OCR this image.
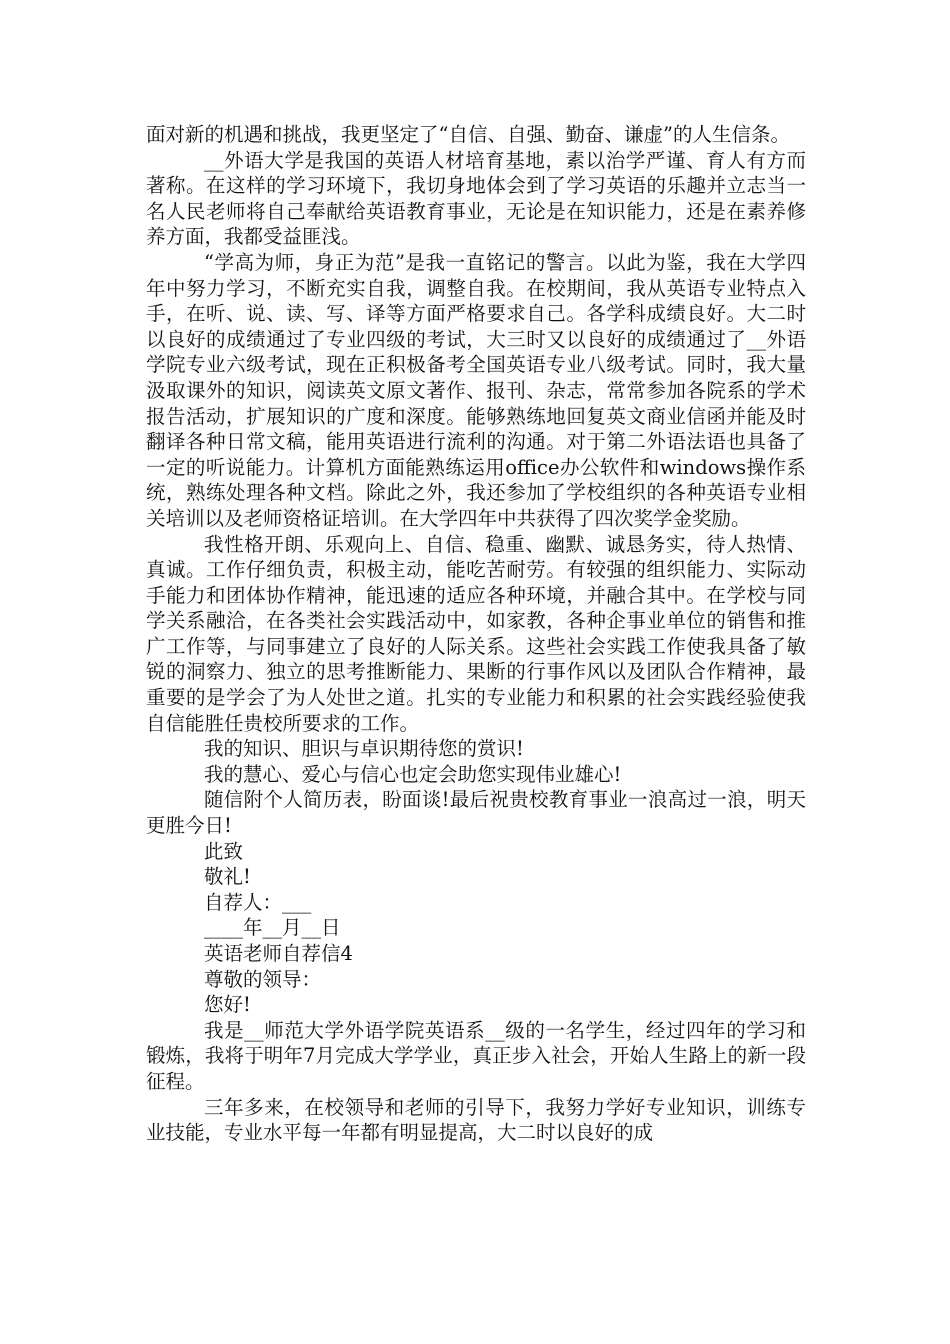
面对新的机遇和挑战，我更坚定了“自信、自强、勤奋、谦虚”的人生信条。

__外语大学是我国的英语人材培育基地，素以治学严谨、育人有方而著称。在这样的学习环境下，我切身地体会到了学习英语的乐趣并立志当一名人民老师将自己奉献给英语教育事业，无论是在知识能力，还是在素养修养方面，我都受益匪浅。

“学高为师，身正为范”是我一直铭记的警言。以此为鉴，我在大学四年中努力学习，不断充实自我，调整自我。在校期间，我从英语专业特点入手，在听、说、读、写、译等方面严格要求自己。各学科成绩良好。大二时以良好的成绩通过了专业四级的考试，大三时又以良好的成绩通过了__外语学院专业六级考试，现在正积极备考全国英语专业八级考试。同时，我大量汲取课外的知识，阅读英文原文著作、报刊、杂志，常常参加各院系的学术报告活动，扩展知识的广度和深度。能够熟练地回复英文商业信函并能及时翻译各种日常文稿，能用英语进行流利的沟通。对于第二外语法语也具备了一定的听说能力。计算机方面能熟练运用office办公软件和windows操作系统，熟练处理各种文档。除此之外，我还参加了学校组织的各种英语专业相关培训以及老师资格证培训。在大学四年中共获得了四次奖学金奖励。

我性格开朗、乐观向上、自信、稳重、幽默、诚恳务实，待人热情、真诚。工作仔细负责，积极主动，能吃苦耐劳。有较强的组织能力、实际动手能力和团体协作精神，能迅速的适应各种环境，并融合其中。在学校与同学关系融洽，在各类社会实践活动中，如家教，各种企事业单位的销售和推广工作等，与同事建立了良好的人际关系。这些社会实践工作使我具备了敏锐的洞察力、独立的思考推断能力、果断的行事作风以及团队合作精神，最重要的是学会了为人处世之道。扎实的专业能力和积累的社会实践经验使我自信能胜任贵校所要求的工作。

我的知识、胆识与卓识期待您的赏识!

我的慧心、爱心与信心也定会助您实现伟业雄心!

随信附个人简历表，盼面谈!最后祝贵校教育事业一浪高过一浪，明天更胜今日!

此致

敬礼!

自荐人：___

____年__月__日

英语老师自荐信4

尊敬的领导：

您好!

我是__师范大学外语学院英语系__级的一名学生，经过四年的学习和锻炼，我将于明年7月完成大学学业，真正步入社会，开始人生路上的新一段征程。

三年多来，在校领导和老师的引导下，我努力学好专业知识，训练专业技能，专业水平每一年都有明显提高，大二时以良好的成
